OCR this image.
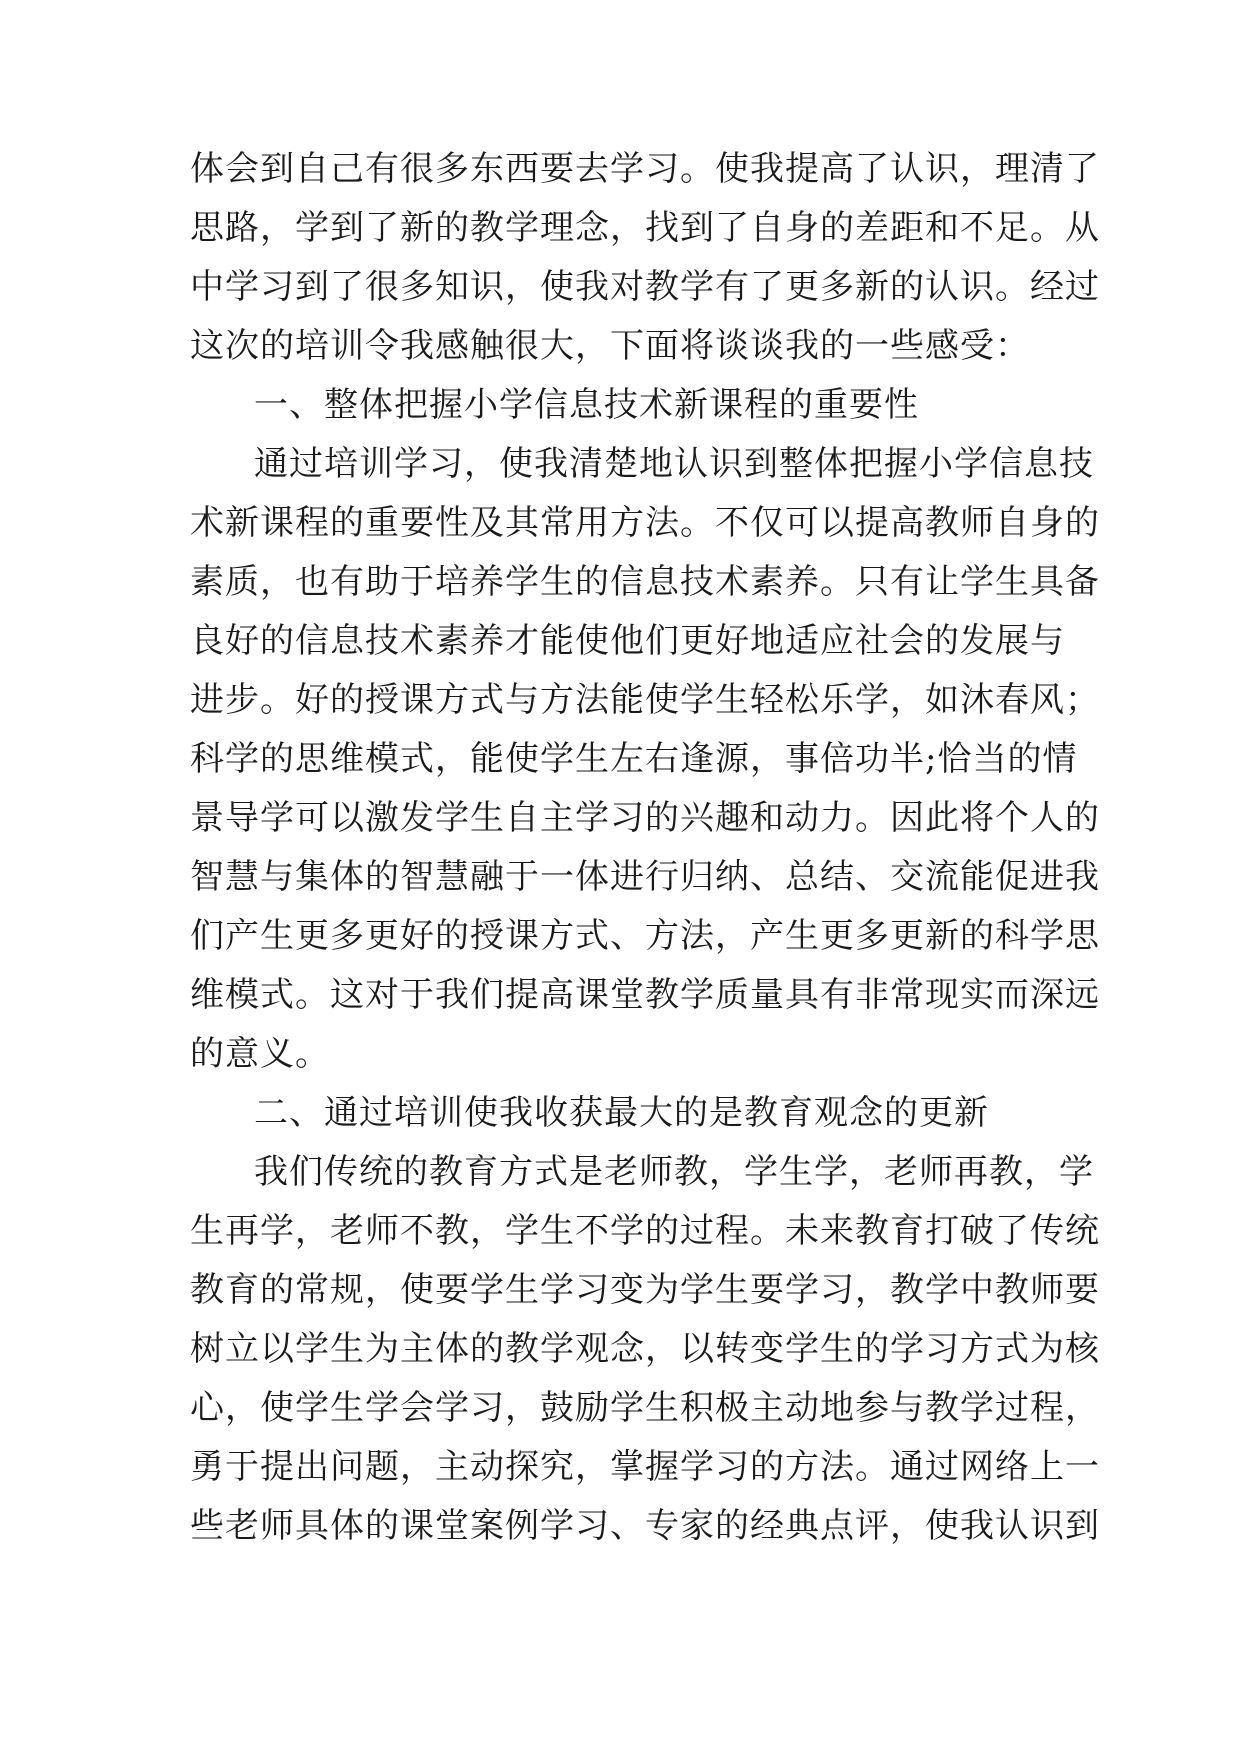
体会到自己有很多东西要去学习。使我提高了认识，理清了
思路，学到了新的教学理念，找到了自身的差距和不足。从
中学习到了很多知识，使我对教学有了更多新的认识。经过
这次的培训令我感触很大，下面将谈谈我的一些感受：
一、整体把握小学信息技术新课程的重要性
通过培训学习，使我清楚地认识到整体把握小学信息技
术新课程的重要性及其常用方法。不仅可以提高教师自身的
素质，也有助于培养学生的信息技术素养。只有让学生具备
良好的信息技术素养才能使他们更好地适应社会的发展与
进步。好的授课方式与方法能使学生轻松乐学，如沐春风；
科学的思维模式，能使学生左右逢源，事倍功半;恰当的情
景导学可以激发学生自主学习的兴趣和动力。因此将个人的
智慧与集体的智慧融于一体进行归纳、总结、交流能促进我
们产生更多更好的授课方式、方法，产生更多更新的科学思
维模式。这对于我们提高课堂教学质量具有非常现实而深远
的意义。
二、通过培训使我收获最大的是教育观念的更新
我们传统的教育方式是老师教，学生学，老师再教，学
生再学，老师不教，学生不学的过程。未来教育打破了传统
教育的常规，使要学生学习变为学生要学习，教学中教师要
树立以学生为主体的教学观念，以转变学生的学习方式为核
心，使学生学会学习，鼓励学生积极主动地参与教学过程，
勇于提出问题，主动探究，掌握学习的方法。通过网络上一
些老师具体的课堂案例学习、专家的经典点评，使我认识到
